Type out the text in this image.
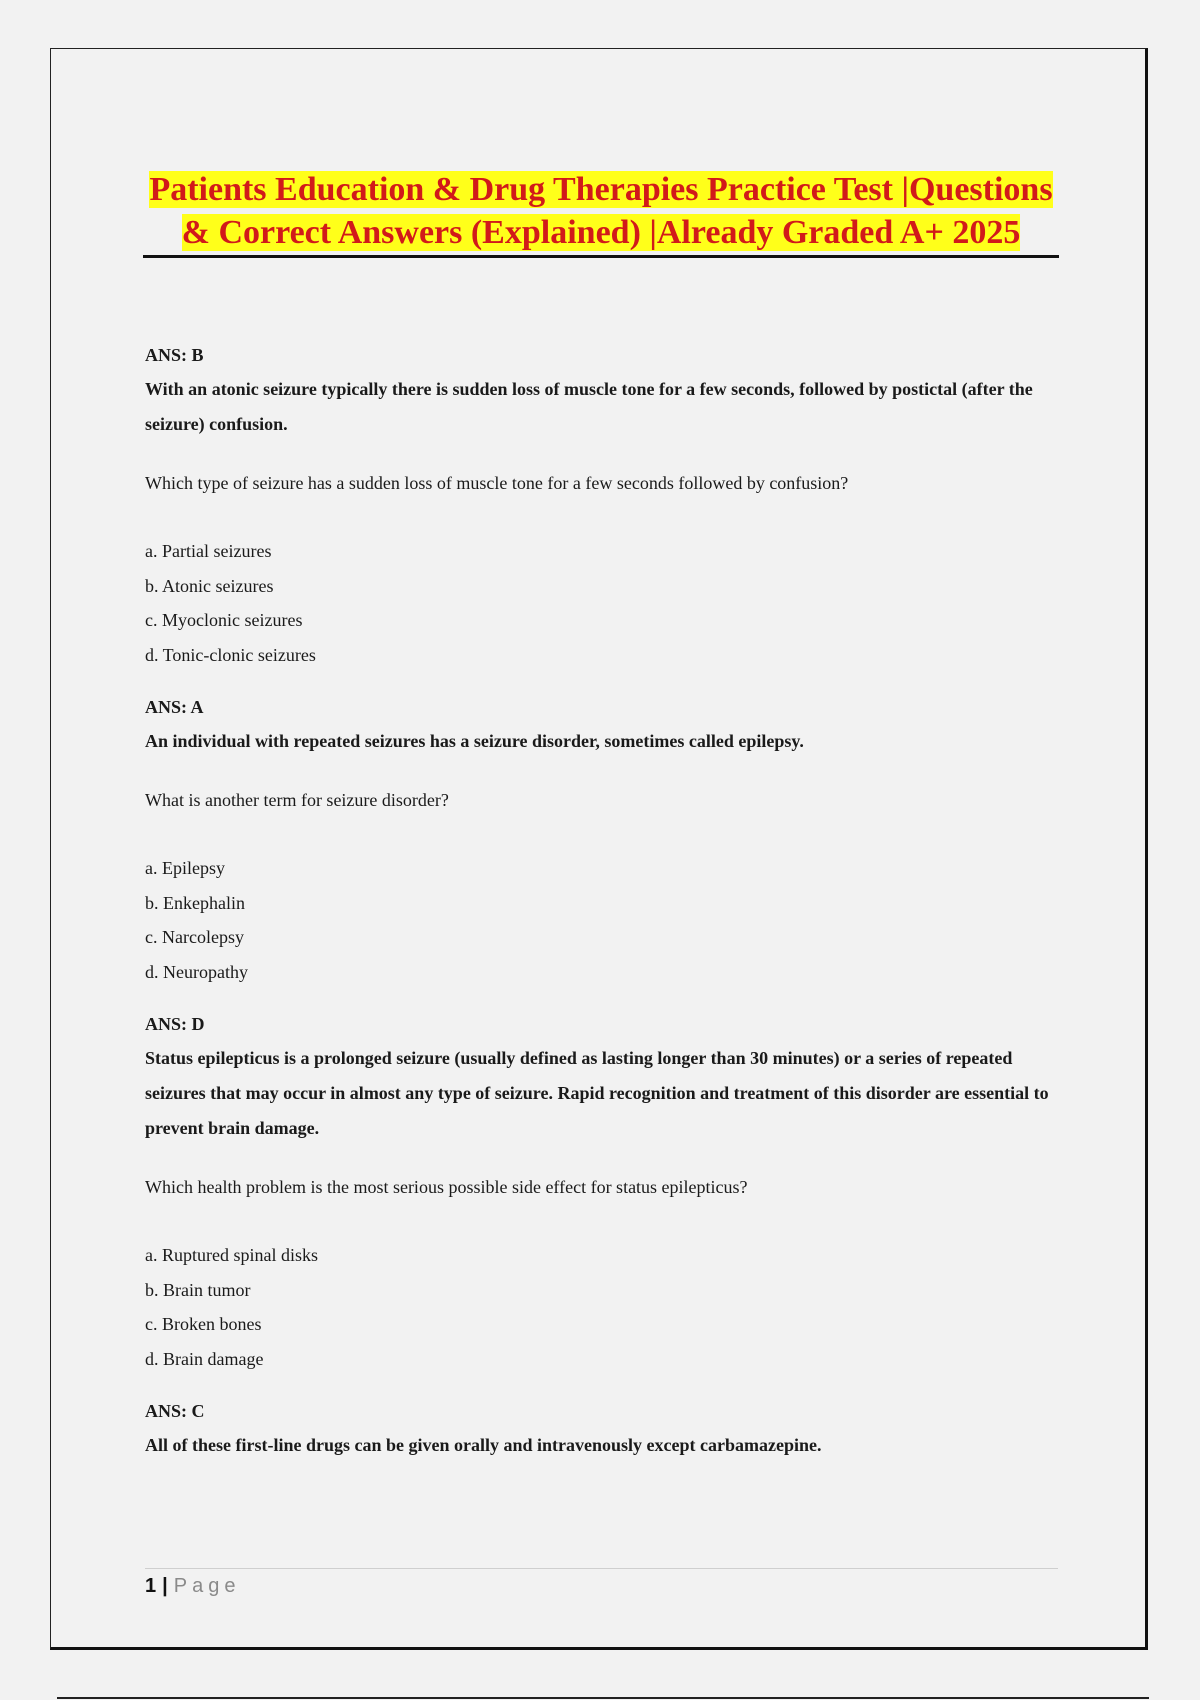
Patients Education & Drug Therapies Practice Test |Questions

& Correct Answers (Explained) |Already Graded A+ 2025

ANS: B

With an atonic seizure typically there is sudden loss of muscle tone for a few seconds, followed by postictal (after the seizure) confusion.

Which type of seizure has a sudden loss of muscle tone for a few seconds followed by confusion?

a. Partial seizures
b. Atonic seizures
c. Myoclonic seizures
d. Tonic-clonic seizures

ANS: A

An individual with repeated seizures has a seizure disorder, sometimes called epilepsy.

What is another term for seizure disorder?

a. Epilepsy
b. Enkephalin
c. Narcolepsy
d. Neuropathy

ANS: D

Status epilepticus is a prolonged seizure (usually defined as lasting longer than 30 minutes) or a series of repeated seizures that may occur in almost any type of seizure. Rapid recognition and treatment of this disorder are essential to prevent brain damage.

Which health problem is the most serious possible side effect for status epilepticus?

a. Ruptured spinal disks
b. Brain tumor
c. Broken bones
d. Brain damage

ANS: C

All of these first-line drugs can be given orally and intravenously except carbamazepine.

1 | Page
